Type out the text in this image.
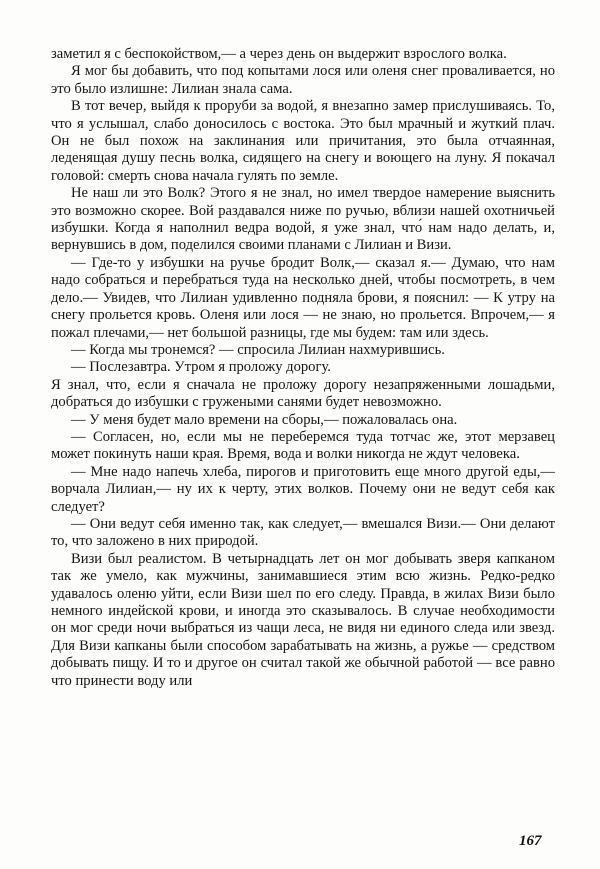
заметил я с беспокойством,— а через день он выдержит взрослого волка.

Я мог бы добавить, что под копытами лося или оленя снег проваливается, но это было излишне: Лилиан знала сама.

В тот вечер, выйдя к проруби за водой, я внезапно замер прислушиваясь. То, что я услышал, слабо доносилось с востока. Это был мрачный и жуткий плач. Он не был похож на заклинания или причитания, это была отчаянная, леденящая душу песнь волка, сидящего на снегу и воющего на луну. Я покачал головой: смерть снова начала гулять по земле.

Не наш ли это Волк? Этого я не знал, но имел твердое намерение выяснить это возможно скорее. Вой раздавался ниже по ручью, вблизи нашей охотничьей избушки. Когда я наполнил ведра водой, я уже знал, что́ нам надо делать, и, вернувшись в дом, поделился своими планами с Лилиан и Визи.

— Где-то у избушки на ручье бродит Волк,— сказал я.— Думаю, что нам надо собраться и перебраться туда на несколько дней, чтобы посмотреть, в чем дело.— Увидев, что Лилиан удивленно подняла брови, я пояснил: — К утру на снегу прольется кровь. Оленя или лося — не знаю, но прольется. Впрочем,— я пожал плечами,— нет большой разницы, где мы будем: там или здесь.

— Когда мы тронемся? — спросила Лилиан нахмурившись.

— Послезавтра. Утром я проложу дорогу.

Я знал, что, если я сначала не проложу дорогу незапряженными лошадьми, добраться до избушки с гружеными санями будет невозможно.

— У меня будет мало времени на сборы,— пожаловалась она.

— Согласен, но, если мы не переберемся туда тотчас же, этот мерзавец может покинуть наши края. Время, вода и волки никогда не ждут человека.

— Мне надо напечь хлеба, пирогов и приготовить еще много другой еды,— ворчала Лилиан,— ну их к черту, этих волков. Почему они не ведут себя как следует?

— Они ведут себя именно так, как следует,— вмешался Визи.— Они делают то, что заложено в них природой.

Визи был реалистом. В четырнадцать лет он мог добывать зверя капканом так же умело, как мужчины, занимавшиеся этим всю жизнь. Редко-редко удавалось оленю уйти, если Визи шел по его следу. Правда, в жилах Визи было немного индейской крови, и иногда это сказывалось. В случае необходимости он мог среди ночи выбраться из чащи леса, не видя ни единого следа или звезд. Для Визи капканы были способом зарабатывать на жизнь, а ружье — средством добывать пищу. И то и другое он считал такой же обычной работой — все равно что принести воду или

167
